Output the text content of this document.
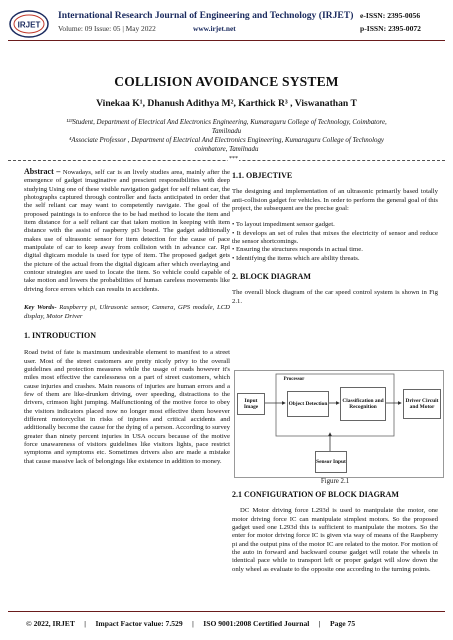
IRJET
International Research Journal of Engineering and Technology (IRJET)
Volume: 09 Issue: 05 | May 2022	www.irjet.net
e-ISSN: 2395-0056
p-ISSN: 2395-0072
COLLISION AVOIDANCE SYSTEM
Vinekaa K¹, Dhanush Adithya M², Karthick R³ , Viswanathan T
¹²³Student, Department of Electrical And Electronics Engineering, Kumaraguru College of Technology, Coimbatore,
Tamilnadu
⁴Associate Professor , Department of Electrical And Electronics Engineering, Kumaraguru College of Technology
coimbatore, Tamilnadu
***

Abstract – Nowadays, self car is an lively studies area, mainly after the emergence of gadget imaginative and prescient responsibilities with deep studying Using one of these visible navigation gadget for self reliant car, the photographs captured through controller and facts anticipated in order that the self reliant car may want to competently navigate. The goal of the proposed paintings is to enforce the to be had method to locate the item and item distance for a self reliant car that taken motion in keeping with item distance with the assist of raspberry pi3 board. The gadget additionally makes use of ultrasonic sensor for item detection for the cause of pace manipulate of car to keep away from collision with in advance car. Rpi digital digicam module is used for type of item. The proposed gadget gets the picture of the actual from the digital digicam after which overlaying and contour strategies are used to locate the item. So vehicle could capable of take motion and lowers the probabilities of human careless movements like driving force errors which can results in accidents.

Key Words- Raspberry pi, Ultrasonic sensor, Camera, GPS module, LCD display, Motor Driver

1. INTRODUCTION

Road twist of fate is maximum undesirable element to manifest to a street user. Most of the street customers are pretty nicely privy to the overall guidelines and protection measures while the usage of roads however it's miles most effective the carelessness on a part of street customers, which cause injuries and crashes. Main reasons of injuries are human errors and a few of them are like-drunken driving, over speeding, distractions to the drivers, crimson light jumping. Malfunctioning of the motive force to obey the visitors indicators placed now no longer most effective them however different motorcyclist in risks of injuries and critical accidents and additionally become the cause for the dying of a person. According to survey greater than ninety percent injuries in USA occurs because of the motive force unawareness of visitors guidelines like visitors lights, pace restrict symptoms and symptoms etc. Sometimes drivers also are made a mistake that cause massive lack of belongings like existence in addition to money.

1.1. OBJECTIVE

The designing and implementation of an ultrasonic primarily based totally anti-collision gadget for vehicles. In order to perform the general goal of this project, the subsequent are the precise goal:

• To layout impediment sensor gadget.

• It develops an set of rules that mixes the electricity of sensor and reduce the sensor shortcomings.

• Ensuring the structures responds in actual time.

• Identifying the items which are ability threats.

2. BLOCK DIAGRAM

The overall block diagram of the car speed control system is shown in Fig 2.1.

Processor
Input Image
Object Detection
Classification and Recognition
Driver Circuit and Motor
Sensor Input
Figure 2.1

2.1 CONFIGURATION OF BLOCK DIAGRAM

DC Motor driving force L293d is used to manipulate the motor, one motor driving force IC can manipulate simplest motors. So the proposed gadget used one L293d this is sufficient to manipulate the motors. So the enter for motor driving force IC is given via way of means of the Raspberry pi and the output pins of the motor IC are related to the motor. For motion of the auto in forward and backward course gadget will rotate the wheels in identical pace while to transport left or proper gadget will slow down the only wheel as evaluate to the opposite one according to the turning points.

© 2022, IRJET     |     Impact Factor value: 7.529     |     ISO 9001:2008 Certified Journal     |     Page 75
